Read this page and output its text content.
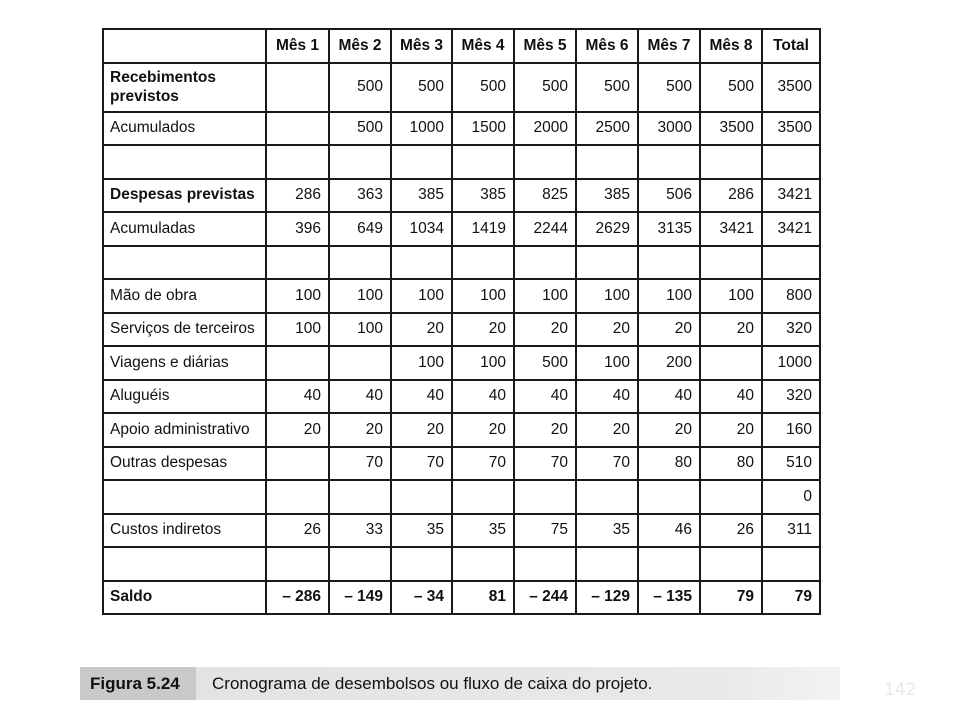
	Mês 1	Mês 2	Mês 3	Mês 4	Mês 5	Mês 6	Mês 7	Mês 8	Total
Recebimentos previstos		500	500	500	500	500	500	500	3500
Acumulados		500	1000	1500	2000	2500	3000	3500	3500

Despesas previstas	286	363	385	385	825	385	506	286	3421
Acumuladas	396	649	1034	1419	2244	2629	3135	3421	3421

Mão de obra	100	100	100	100	100	100	100	100	800
Serviços de terceiros	100	100	20	20	20	20	20	20	320
Viagens e diárias			100	100	500	100	200		1000
Aluguéis	40	40	40	40	40	40	40	40	320
Apoio administrativo	20	20	20	20	20	20	20	20	160
Outras despesas		70	70	70	70	70	80	80	510
									0
Custos indiretos	26	33	35	35	75	35	46	26	311

Saldo	– 286	– 149	– 34	81	– 244	– 129	– 135	79	79
Figura 5.24	Cronograma de desembolsos ou fluxo de caixa do projeto.	142
